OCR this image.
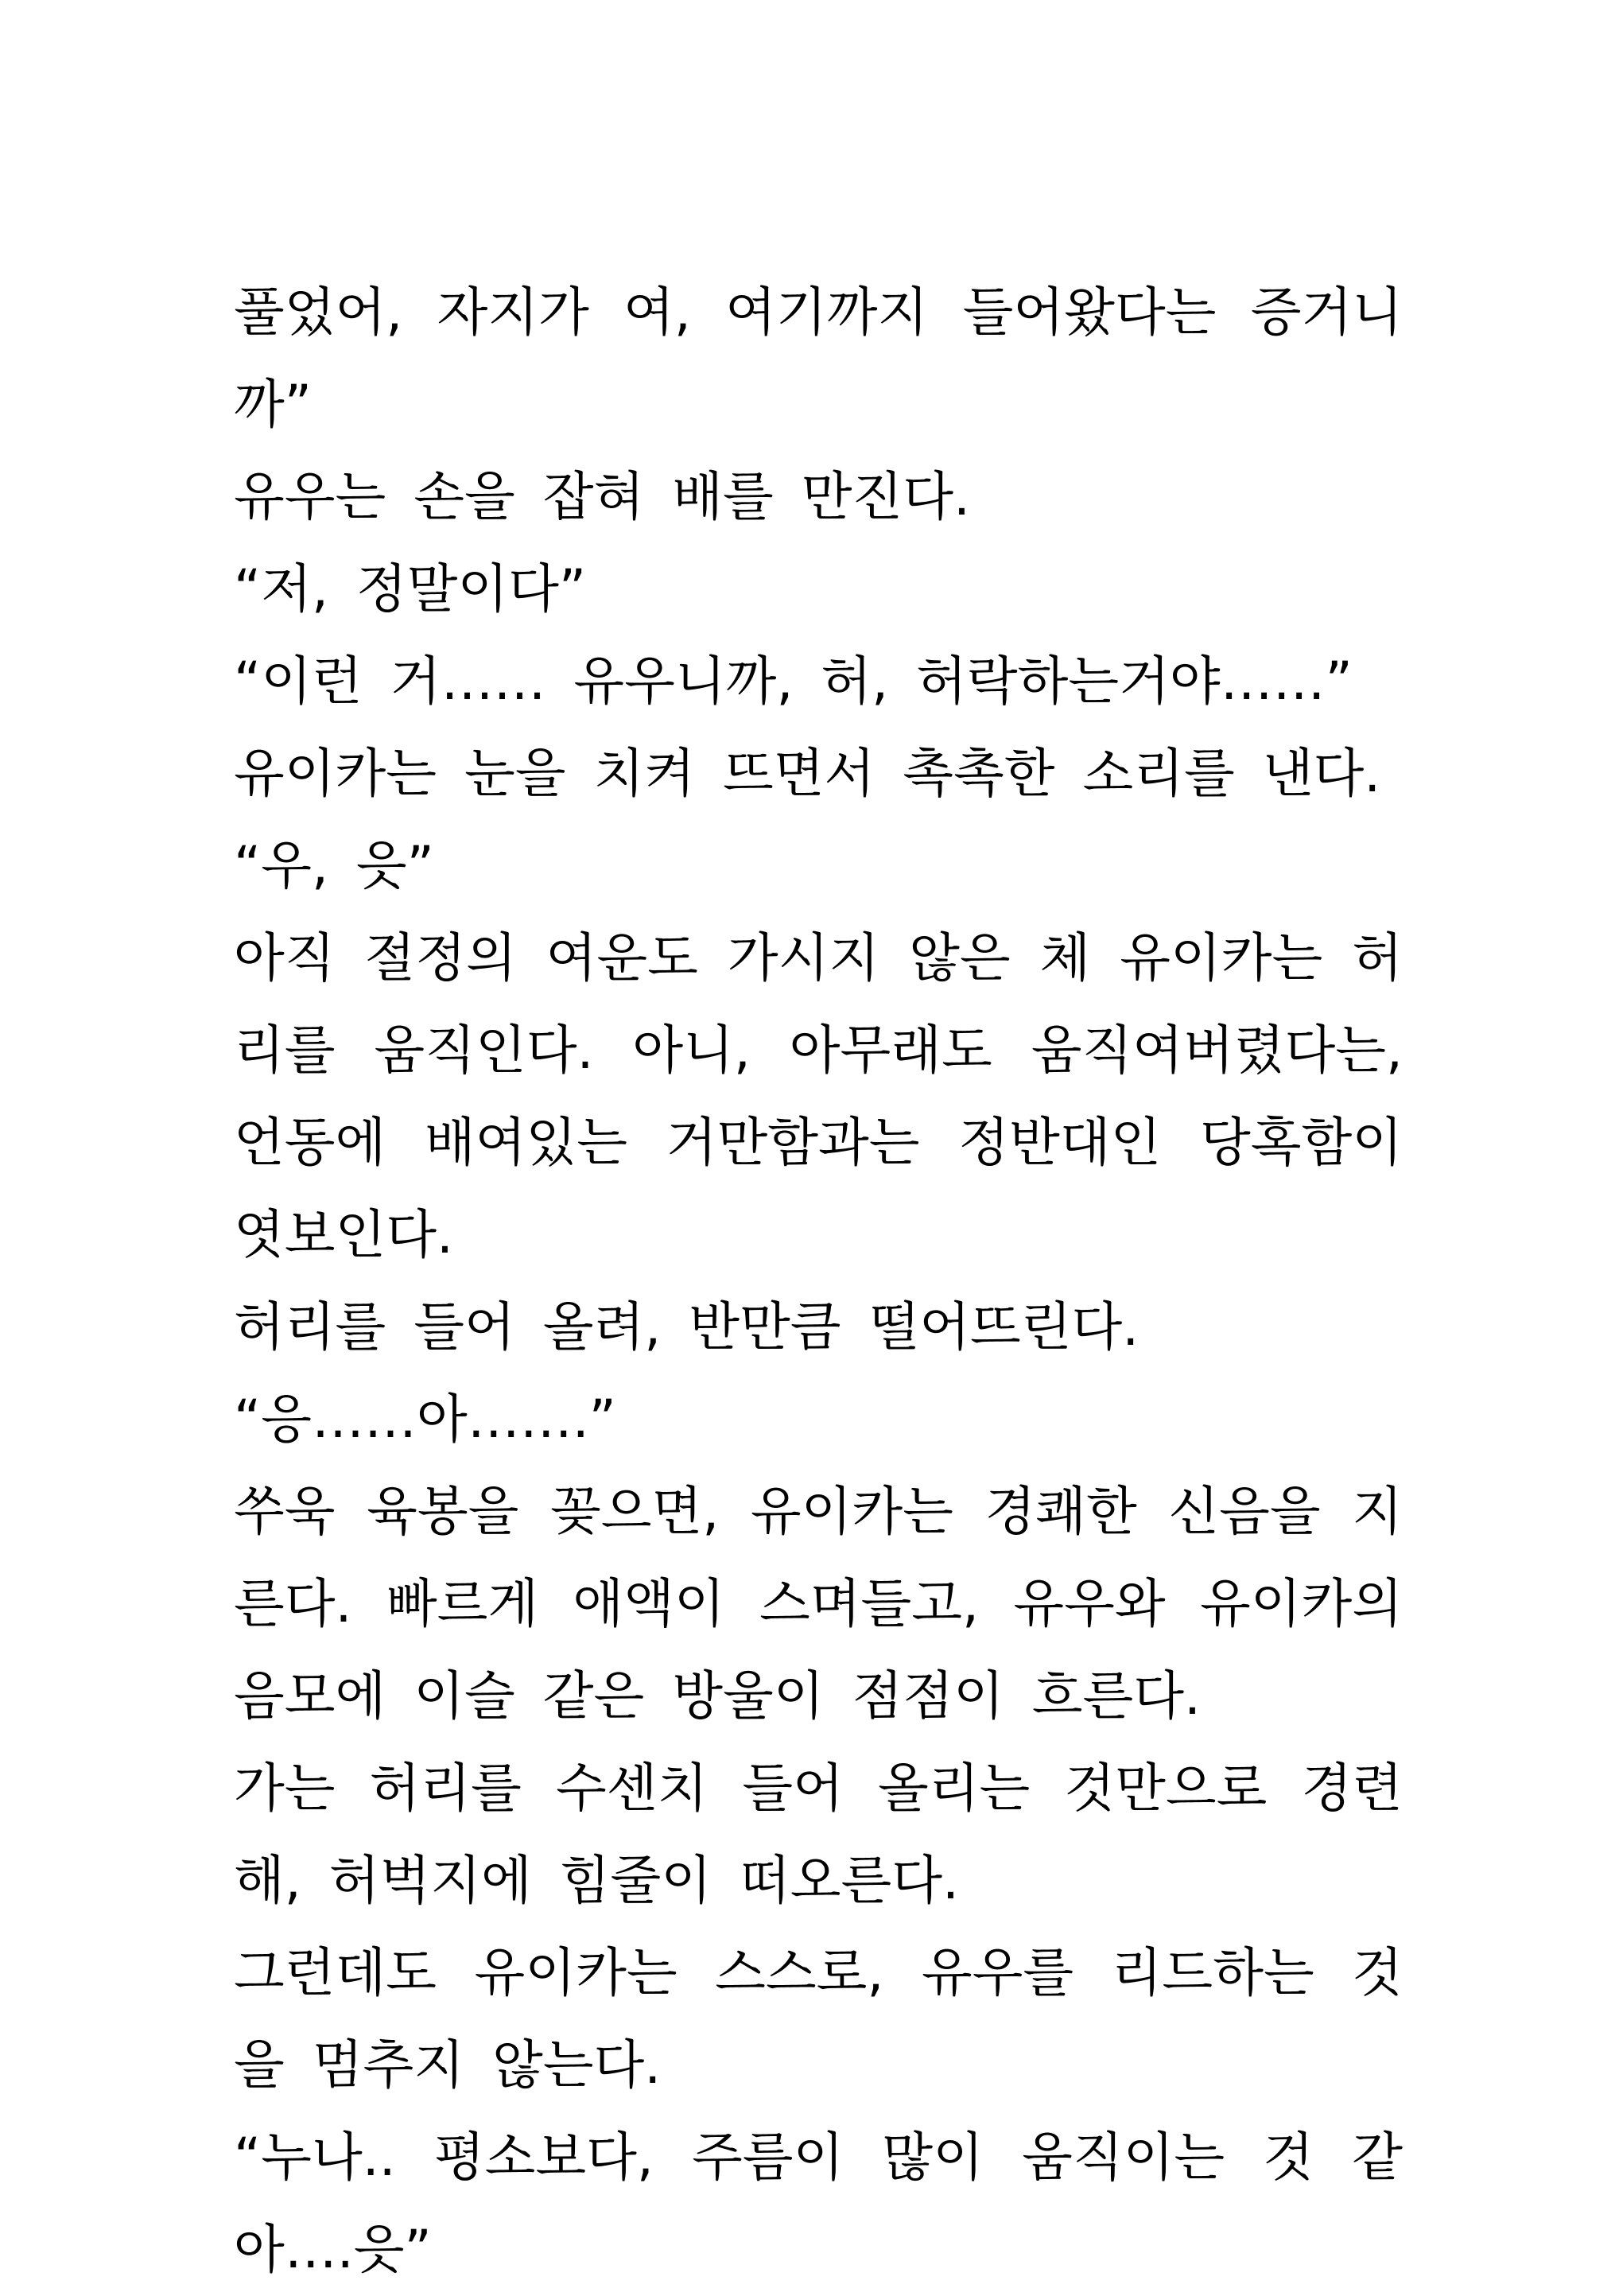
풀었어, 자지가 여, 여기까지 들어왔다는 증거니까”

유우는 손을 잡혀 배를 만진다.

“저, 정말이다”

“이런 거…… 유우니까, 허, 허락하는거야……”

유이카는 눈을 치켜 뜨면서 촉촉한 소리를 낸다.

“우, 읏”

아직 절정의 여운도 가시지 않은 체 유이카는 허리를 움직인다. 아니, 아무래도 움직여버렸다는, 언동에 배여있는 거만함과는 정반대인 당혹함이 엿보인다.

허리를 들어 올려, 반만큼 떨어뜨린다.

“응……아…….”

쑤욱 육봉을 꽂으면, 유이카는 경쾌한 신음을 지른다. 빠르게 애액이 스며들고, 유우와 유이카의 음모에 이슬 같은 방울이 점점이 흐른다.

가는 허리를 수센치 들어 올리는 것만으로 경련해, 허벅지에 힘줄이 떠오른다.

그런데도 유이카는 스스로, 유우를 리드하는 것을 멈추지 않는다.

“누나.. 평소보다, 주름이 많이 움직이는 것 같아….읏”
